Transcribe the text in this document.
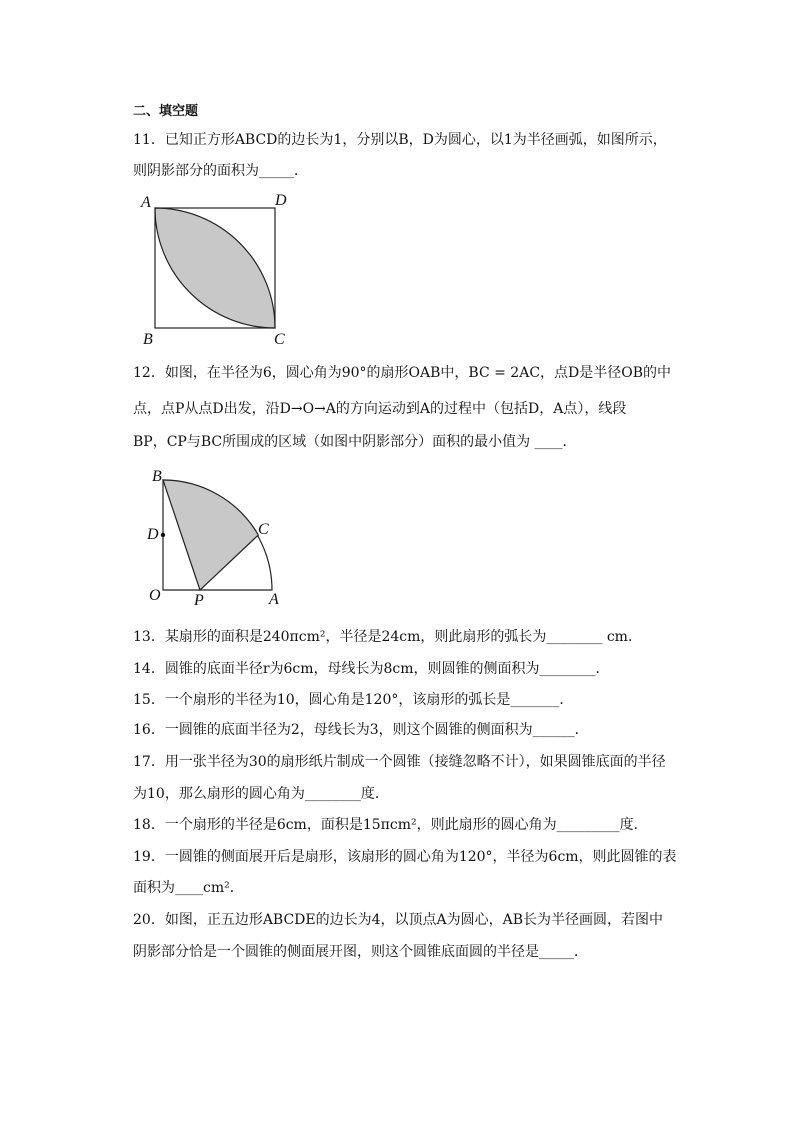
二、填空题
11．已知正方形ABCD的边长为1，分别以B，D为圆心，以1为半径画弧，如图所示，
则阴影部分的面积为_____．
A	D
B	C
12．如图，在半径为6，圆心角为90°的扇形OAB中，BC = 2AC，点D是半径OB的中
点，点P从点D出发，沿D→O→A的方向运动到A的过程中（包括D，A点），线段
BP，CP与BC所围成的区域（如图中阴影部分）面积的最小值为 ____．
B
D	C
O P	A
13．某扇形的面积是240πcm²，半径是24cm，则此扇形的弧长为________ cm．
14．圆锥的底面半径r为6cm，母线长为8cm，则圆锥的侧面积为________．
15．一个扇形的半径为10，圆心角是120°，该扇形的弧长是_______．
16．一圆锥的底面半径为2，母线长为3，则这个圆锥的侧面积为______．
17．用一张半径为30的扇形纸片制成一个圆锥（接缝忽略不计），如果圆锥底面的半径
为10，那么扇形的圆心角为________度．
18．一个扇形的半径是6cm，面积是15πcm²，则此扇形的圆心角为_________度．
19．一圆锥的侧面展开后是扇形，该扇形的圆心角为120°，半径为6cm，则此圆锥的表
面积为____cm²．
20．如图，正五边形ABCDE的边长为4，以顶点A为圆心，AB长为半径画圆，若图中
阴影部分恰是一个圆锥的侧面展开图，则这个圆锥底面圆的半径是_____．
